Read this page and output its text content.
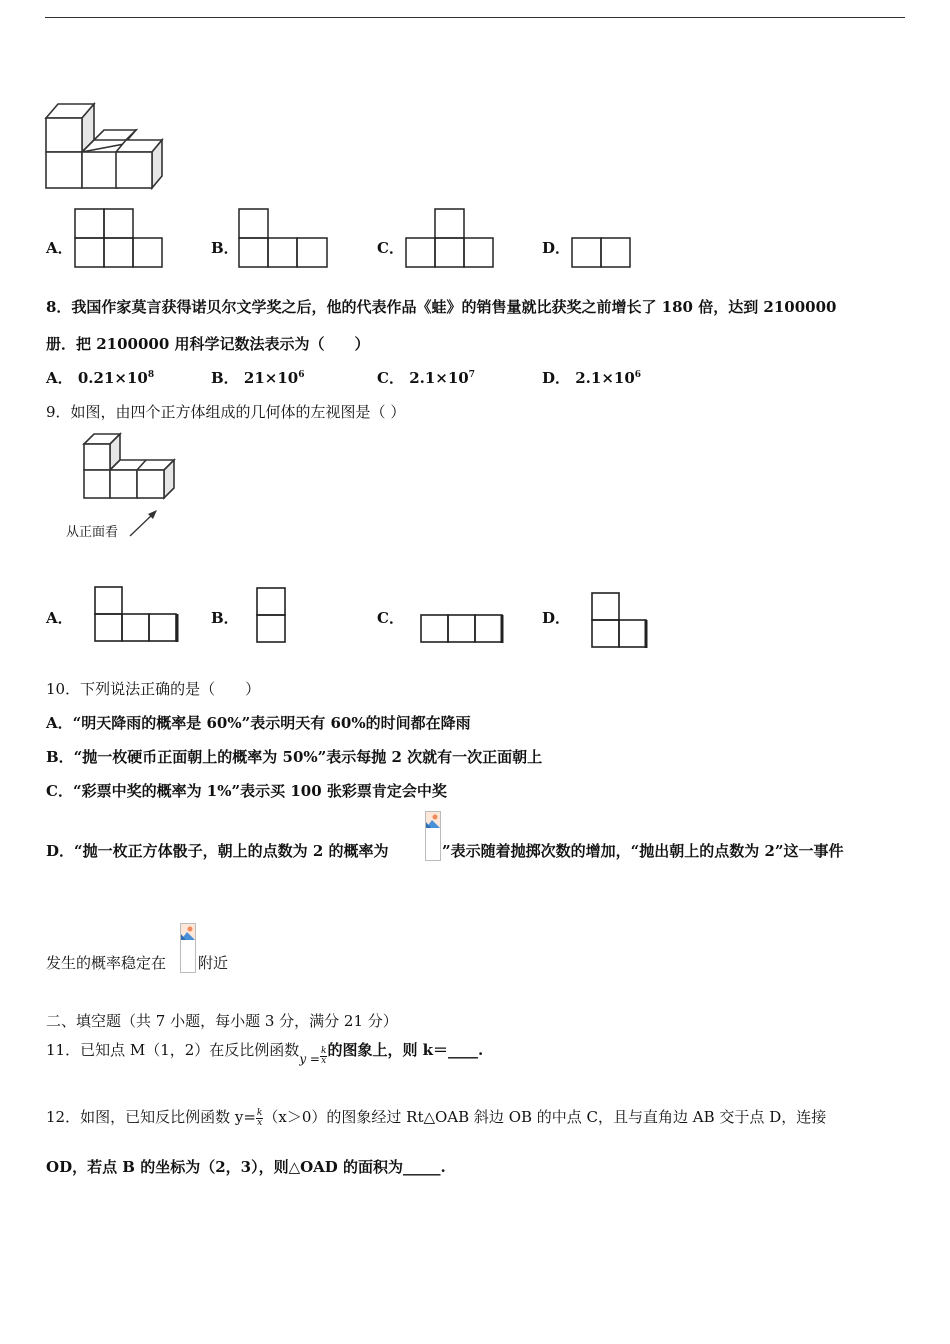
A．	B．	C．	D．
8．我国作家莫言获得诺贝尔文学奖之后，他的代表作品《蛙》的销售量就比获奖之前增长了 180 倍，达到 2100000
册．把 2100000 用科学记数法表示为（　　）
A． $0.21\times 10^8$	B． $21\times 10^6$	C． $2.1\times 10^7$	D． $2.1\times 10^6$
9．如图，由四个正方体组成的几何体的左视图是（ ）
从正面看
A．	B．	C．	D．
10．下列说法正确的是（　　）
A．“明天降雨的概率是 60%”表示明天有 60%的时间都在降雨
B．“抛一枚硬币正面朝上的概率为 50%”表示每抛 2 次就有一次正面朝上
C．“彩票中奖的概率为 1%”表示买 100 张彩票肯定会中奖
D．“抛一枚正方体骰子，朝上的点数为 2 的概率为	”表示随着抛掷次数的增加，“抛出朝上的点数为 2”这一事件
发生的概率稳定在 附近
二、填空题（共 7 小题，每小题 3 分，满分 21 分）
11．已知点 M（1，2）在反比例函数$_{y =} \frac{k}{x}$ 的图象上，则 k＝____.
12．如图，已知反比例函数 $y= \frac{k}{x} (x>0)$的图象经过 Rt△OAB 斜边 OB 的中点 C，且与直角边 AB 交于点 D，连接
OD，若点 B 的坐标为（2，3），则△OAD 的面积为_____.
